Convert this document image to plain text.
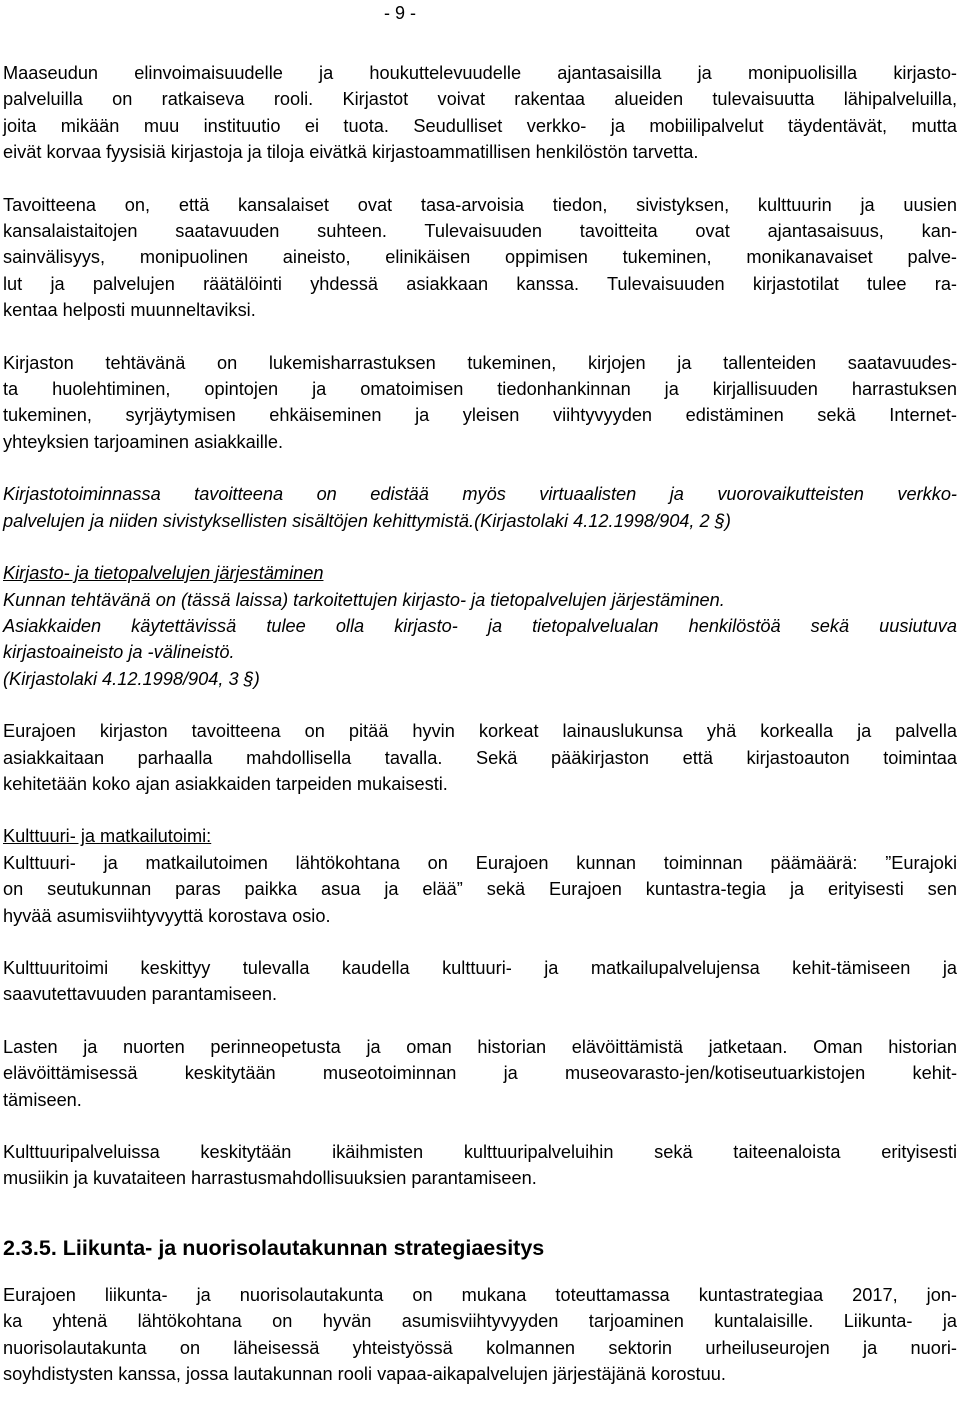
- 9 -
Maaseudun elinvoimaisuudelle ja houkuttelevuudelle ajantasaisilla ja monipuolisilla kirjasto-
palveluilla on ratkaiseva rooli. Kirjastot voivat rakentaa alueiden tulevaisuutta lähipalveluilla,
joita mikään muu instituutio ei tuota. Seudulliset verkko- ja mobiilipalvelut täydentävät, mutta
eivät korvaa fyysisiä kirjastoja ja tiloja eivätkä kirjastoammatillisen henkilöstön tarvetta.
Tavoitteena on, että kansalaiset ovat tasa-arvoisia tiedon, sivistyksen, kulttuurin ja uusien
kansalaistaitojen saatavuuden suhteen. Tulevaisuuden tavoitteita ovat ajantasaisuus, kan-
sainvälisyys, monipuolinen aineisto, elinikäisen oppimisen tukeminen, monikanavaiset palve-
lut ja palvelujen räätälöinti yhdessä asiakkaan kanssa. Tulevaisuuden kirjastotilat tulee ra-
kentaa helposti muunneltaviksi.
Kirjaston tehtävänä on lukemisharrastuksen tukeminen, kirjojen ja tallenteiden saatavuudes-
ta huolehtiminen, opintojen ja omatoimisen tiedonhankinnan ja kirjallisuuden harrastuksen
tukeminen, syrjäytymisen ehkäiseminen ja yleisen viihtyvyyden edistäminen sekä Internet-
yhteyksien tarjoaminen asiakkaille.
Kirjastotoiminnassa tavoitteena on edistää myös virtuaalisten ja vuorovaikutteisten verkko-
palvelujen ja niiden sivistyksellisten sisältöjen kehittymistä.(Kirjastolaki 4.12.1998/904, 2 §)
Kirjasto- ja tietopalvelujen järjestäminen
Kunnan tehtävänä on (tässä laissa) tarkoitettujen kirjasto- ja tietopalvelujen järjestäminen.
Asiakkaiden käytettävissä tulee olla kirjasto- ja tietopalvelualan henkilöstöä sekä uusiutuva
kirjastoaineisto ja -välineistö.
(Kirjastolaki 4.12.1998/904, 3 §)
Eurajoen kirjaston tavoitteena on pitää hyvin korkeat lainauslukunsa yhä korkealla ja palvella
asiakkaitaan parhaalla mahdollisella tavalla. Sekä pääkirjaston että kirjastoauton toimintaa
kehitetään koko ajan asiakkaiden tarpeiden mukaisesti.
Kulttuuri- ja matkailutoimi:
Kulttuuri- ja matkailutoimen lähtökohtana on Eurajoen kunnan toiminnan päämäärä: ”Eurajoki
on seutukunnan paras paikka asua ja elää” sekä Eurajoen kuntastra-tegia ja erityisesti sen
hyvää asumisviihtyvyyttä korostava osio.
Kulttuuritoimi keskittyy tulevalla kaudella kulttuuri- ja matkailupalvelujensa kehit-tämiseen ja
saavutettavuuden parantamiseen.
Lasten ja nuorten perinneopetusta ja oman historian elävöittämistä jatketaan. Oman historian
elävöittämisessä keskitytään museotoiminnan ja museovarasto-jen/kotiseutuarkistojen kehit-
tämiseen.
Kulttuuripalveluissa keskitytään ikäihmisten kulttuuripalveluihin sekä taiteenaloista erityisesti
musiikin ja kuvataiteen harrastusmahdollisuuksien parantamiseen.
2.3.5. Liikunta- ja nuorisolautakunnan strategiaesitys
Eurajoen liikunta- ja nuorisolautakunta on mukana toteuttamassa kuntastrategiaa 2017, jon-
ka yhtenä lähtökohtana on hyvän asumisviihtyvyyden tarjoaminen kuntalaisille. Liikunta- ja
nuorisolautakunta on läheisessä yhteistyössä kolmannen sektorin urheiluseurojen ja nuori-
soyhdistysten kanssa, jossa lautakunnan rooli vapaa-aikapalvelujen järjestäjänä korostuu.
